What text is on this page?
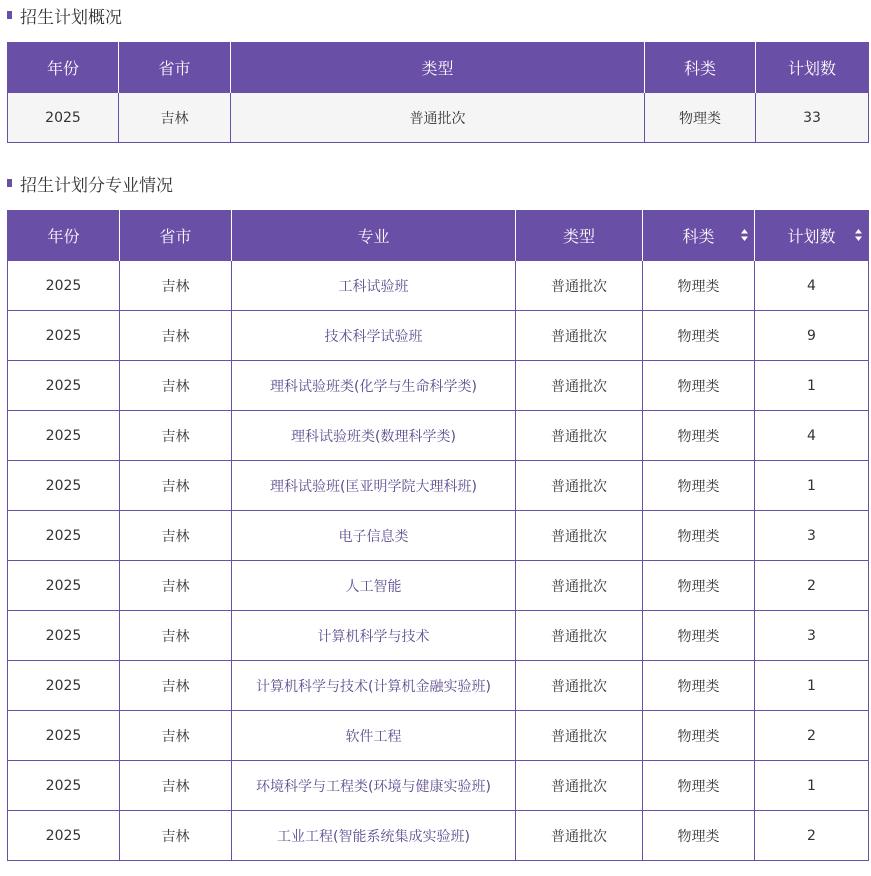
招生计划概况
年份	省市	类型	科类	计划数
2025	吉林	普通批次	物理类	33
招生计划分专业情况
年份	省市	专业	类型	科类	计划数

2025	吉林	工科试验班	普通批次	物理类	4
2025	吉林	技术科学试验班	普通批次	物理类	9
2025	吉林	理科试验班类(化学与生命科学类)	普通批次	物理类	1
2025	吉林	理科试验班类(数理科学类)	普通批次	物理类	4
2025	吉林	理科试验班(匡亚明学院大理科班)	普通批次	物理类	1
2025	吉林	电子信息类	普通批次	物理类	3
2025	吉林	人工智能	普通批次	物理类	2
2025	吉林	计算机科学与技术	普通批次	物理类	3
2025	吉林	计算机科学与技术(计算机金融实验班)	普通批次	物理类	1
2025	吉林	软件工程	普通批次	物理类	2
2025	吉林	环境科学与工程类(环境与健康实验班)	普通批次	物理类	1
2025	吉林	工业工程(智能系统集成实验班)	普通批次	物理类	2
